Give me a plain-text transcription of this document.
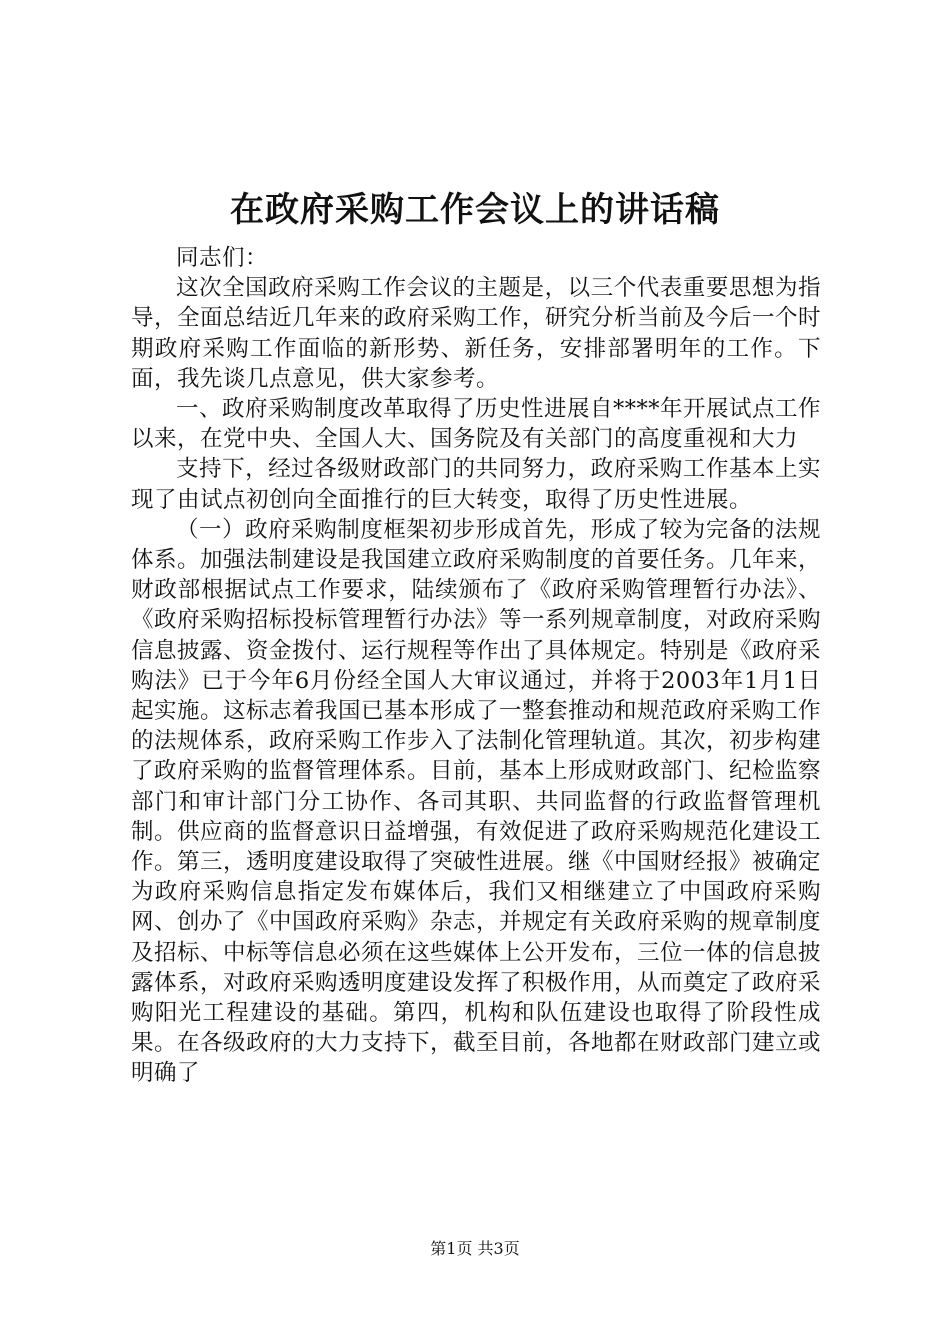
在政府采购工作会议上的讲话稿

同志们：

这次全国政府采购工作会议的主题是，以三个代表重要思想为指导，全面总结近几年来的政府采购工作，研究分析当前及今后一个时期政府采购工作面临的新形势、新任务，安排部署明年的工作。下面，我先谈几点意见，供大家参考。

一、政府采购制度改革取得了历史性进展自****年开展试点工作以来，在党中央、全国人大、国务院及有关部门的高度重视和大力

支持下，经过各级财政部门的共同努力，政府采购工作基本上实现了由试点初创向全面推行的巨大转变，取得了历史性进展。

（一）政府采购制度框架初步形成首先，形成了较为完备的法规体系。加强法制建设是我国建立政府采购制度的首要任务。几年来，财政部根据试点工作要求，陆续颁布了《政府采购管理暂行办法》、《政府采购招标投标管理暂行办法》等一系列规章制度，对政府采购信息披露、资金拨付、运行规程等作出了具体规定。特别是《政府采购法》已于今年6月份经全国人大审议通过，并将于2003年1月1日起实施。这标志着我国已基本形成了一整套推动和规范政府采购工作的法规体系，政府采购工作步入了法制化管理轨道。其次，初步构建了政府采购的监督管理体系。目前，基本上形成财政部门、纪检监察部门和审计部门分工协作、各司其职、共同监督的行政监督管理机制。供应商的监督意识日益增强，有效促进了政府采购规范化建设工作。第三，透明度建设取得了突破性进展。继《中国财经报》被确定为政府采购信息指定发布媒体后，我们又相继建立了中国政府采购网、创办了《中国政府采购》杂志，并规定有关政府采购的规章制度及招标、中标等信息必须在这些媒体上公开发布，三位一体的信息披露体系，对政府采购透明度建设发挥了积极作用，从而奠定了政府采购阳光工程建设的基础。第四，机构和队伍建设也取得了阶段性成果。在各级政府的大力支持下，截至目前，各地都在财政部门建立或明确了

第1页 共3页
